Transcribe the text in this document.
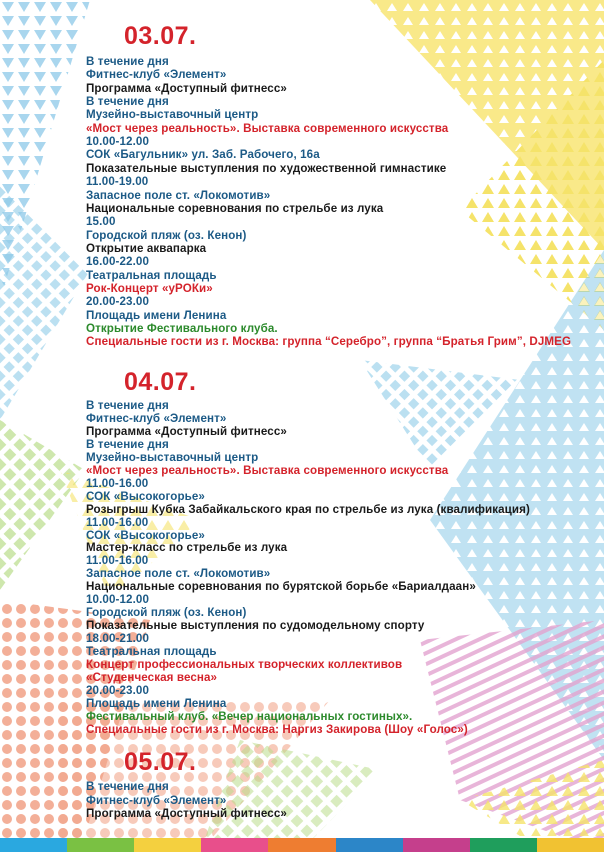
03.07.
В течение дня
Фитнес-клуб «Элемент»
Программа «Доступный фитнесс»
В течение дня
Музейно-выставочный центр
«Мост через реальность». Выставка современного искусства
10.00-12.00
СОК «Багульник» ул. Заб. Рабочего, 16а
Показательные выступления по художественной гимнастике
11.00-19.00
Запасное поле ст. «Локомотив»
Национальные соревнования по стрельбе из лука
15.00
Городской пляж (оз. Кенон)
Открытие аквапарка
16.00-22.00
Театральная площадь
Рок-Концерт «уРОКи»
20.00-23.00
Площадь имени Ленина
Открытие Фестивального клуба.
Специальные гости из г. Москва: группа “Серебро”, группа “Братья Грим”, DJMEG
04.07.
В течение дня
Фитнес-клуб «Элемент»
Программа «Доступный фитнесс»
В течение дня
Музейно-выставочный центр
«Мост через реальность». Выставка современного искусства
11.00-16.00
СОК «Высокогорье»
Розыгрыш Кубка Забайкальского края по стрельбе из лука (квалификация)
11.00-16.00
СОК «Высокогорье»
Мастер-класс по стрельбе из лука
11.00-16.00
Запасное поле ст. «Локомотив»
Национальные соревнования по бурятской борьбе «Бариалдаан»
10.00-12.00
Городской пляж (оз. Кенон)
Показательные выступления по судомодельному спорту
18.00-21.00
Театральная площадь
Концерт профессиональных творческих коллективов
«Студенческая весна»
20.00-23.00
Площадь имени Ленина
Фестивальный клуб. «Вечер национальных гостиных».
Специальные гости из г. Москва: Наргиз Закирова (Шоу «Голос»)
05.07.
В течение дня
Фитнес-клуб «Элемент»
Программа «Доступный фитнесс»
